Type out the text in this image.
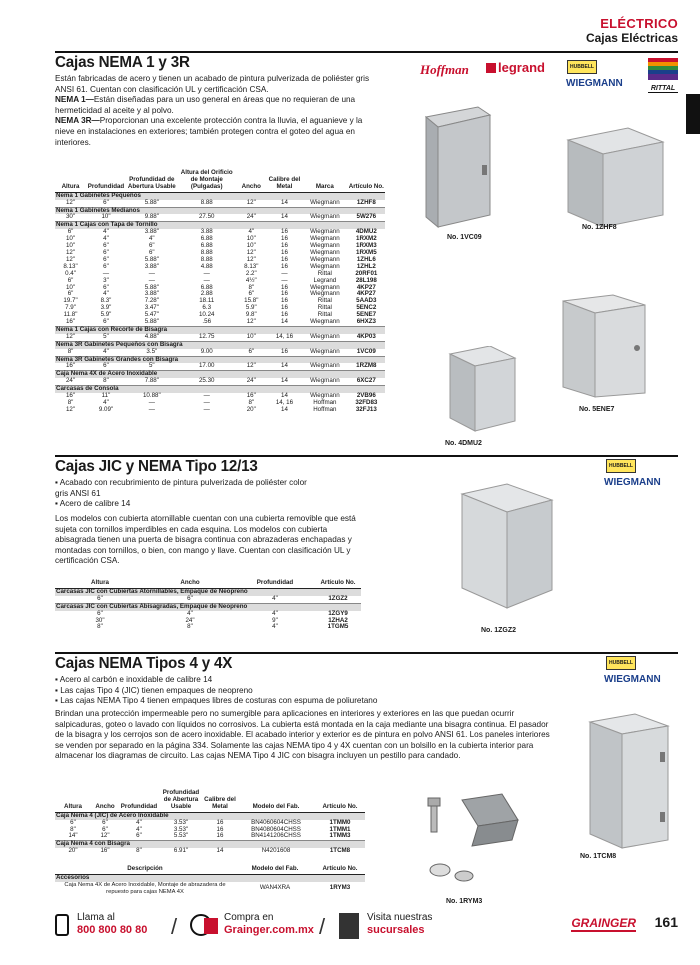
ELÉCTRICO
Cajas Eléctricas
Cajas NEMA 1 y 3R
Están fabricadas de acero y tienen un acabado de pintura pulverizada de poliéster gris ANSI 61. Cuentan con clasificación UL y certificación CSA.
NEMA 1—Están diseñadas para un uso general en áreas que no requieran de una hermeticidad al aceite y al polvo.
NEMA 3R—Proporcionan una excelente protección contra la lluvia, el aguanieve y la nieve en instalaciones en exteriores; también protegen contra el goteo del agua en interiores.
Hoffman	legrand	HUBBELL
WIEGMANN	RITTAL
Altura	Profundidad	Profundidad de Abertura Usable	Altura del Orificio de Montaje (Pulgadas)	Ancho	Calibre del Metal	Marca	Artículo No.
Nema 1 Gabinetes Pequeños							
12"	6"	5.88"	8.88	12"	14	Wiegmann	1ZHF8
Nema 1 Gabinetes Medianos							
30"	10"	9.88"	27.50	24"	14	Wiegmann	5W276
Nema 1 Cajas con Tapa de Tornillo							
6"	4"	3.88"	3.88	4"	16	Wiegmann	4DMU2
10"	4"	4"	6.88	10"	16	Wiegmann	1RXM2
10"	6"	6"	6.88	10"	16	Wiegmann	1RXM3
12"	6"	6"	8.88	12"	16	Wiegmann	1RXM5
12"	6"	5.88"	8.88	12"	16	Wiegmann	1ZHL6
8.13"	6"	3.88"	4.88	8.13"	16	Wiegmann	1ZHL2
0.4"	—	—	—	2.2"	—	Rittal	20RF01
6"	3"	—	—	4½"	—	Legrand	28L198
10"	6"	5.88"	6.88	8"	16	Wiegmann	4KP27
6"	4"	3.88"	2.88	6"	16	Wiegmann	4KP27
19.7"	8.3"	7.28"	18.11	15.8"	16	Rittal	5AAD3
7.9"	3.9"	3.47"	6.3	5.9"	16	Rittal	5ENC2
11.8"	5.9"	5.47"	10.24	9.8"	16	Rittal	5ENE7
16"	6"	5.88"	.56	12"	14	Wiegmann	6HXZ3
Nema 1 Cajas con Recorte de Bisagra							
12"	5"	4.88"	12.75	10"	14, 16	Wiegmann	4KP03
Nema 3R Gabinetes Pequeños con Bisagra							
8"	4"	3.5"	9.00	6"	16	Wiegmann	1VC09
Nema 3R Gabinetes Grandes con Bisagra							
16"	6"	5"	17.00	12"	14	Wiegmann	1RZM8
Caja Nema 4X de Acero Inoxidable							
24"	8"	7.88"	25.30	24"	14	Wiegmann	6XC27
Carcasas de Consola							
16"	11"	10.88"	—	16"	14	Wiegmann	2VB96
8"	4"	—	—	8"	14, 16	Hoffman	32FD83
12"	9.09"	—	—	20"	14	Hoffman	32FJ13
No. 1VC09
No. 1ZHF8
No. 5ENE7
No. 4DMU2
Cajas JIC y NEMA Tipo 12/13	HUBBELL
WIEGMANN
▪ Acabado con recubrimiento de pintura pulverizada de poliéster color gris ANSI 61
▪ Acero de calibre 14
Los modelos con cubierta atornillable cuentan con una cubierta removible que está sujeta con tornillos imperdibles en cada esquina. Los modelos con cubierta abisagrada tienen una puerta de bisagra continua con abrazaderas enchapadas y montadas con tornillos, o bien, con mango y llave. Cuentan con clasificación UL y certificación CSA.
Altura	Ancho	Profundidad	Artículo No.
Carcasas JIC con Cubiertas Atornillables, Empaque de Neopreno			
6"	6"	4"	1ZGZ2
Carcasas JIC con Cubiertas Abisagradas, Empaque de Neopreno			
6"	4"	4"	1ZGY9
30"	24"	9"	1ZHA2
8"	8"	4"	1TGM5
No. 1ZGZ2
Cajas NEMA Tipos 4 y 4X	HUBBELL
WIEGMANN
▪ Acero al carbón e inoxidable de calibre 14
▪ Las cajas Tipo 4 (JIC) tienen empaques de neopreno
▪ Las cajas NEMA Tipo 4 tienen empaques libres de costuras con espuma de poliuretano
Brindan una protección impermeable pero no sumergible para aplicaciones en interiores y exteriores en las que puedan ocurrir salpicaduras, goteo o lavado con líquidos no corrosivos. La cubierta está montada en la caja mediante una bisagra continua. El pasador de la bisagra y los cerrojos son de acero inoxidable. El acabado interior y exterior es de pintura en polvo ANSI 61. Los paneles interiores se venden por separado en la página 334. Solamente las cajas NEMA tipo 4 y 4X cuentan con un bolsillo en la cubierta interior para almacenar los diagramas de circuito. Las cajas NEMA Tipo 4 JIC con bisagra incluyen un pestillo para candado.
Altura	Ancho	Profundidad	Profundidad de Abertura Usable	Calibre del Metal	Modelo del Fab.	Artículo No.
Caja Nema 4 (JIC) de Acero Inoxidable						
6"	6"	4"	3.53"	16	BN4060604CHSS	1TMM0
8"	6"	4"	3.53"	16	BN4080604CHSS	1TMM1
14"	12"	6"	5.53"	16	BN4141206CHSS	1TMM3
Caja Nema 4 con Bisagra						
20"	16"	8"	6.91"	14	N4201608	1TCM8
Descripción	Modelo del Fab.	Artículo No.
Accesorios		
Caja Nema 4X de Acero Inoxidable, Montaje de abrazadera de repuesto para cajas NEMA 4X	WAN4XRA	1RYM3
No. 1TCM8
No. 1RYM3
Llama al
800 800 80 80 /	Compra en
Grainger.com.mx /	Visita nuestras
sucursales	GRAINGER 161
